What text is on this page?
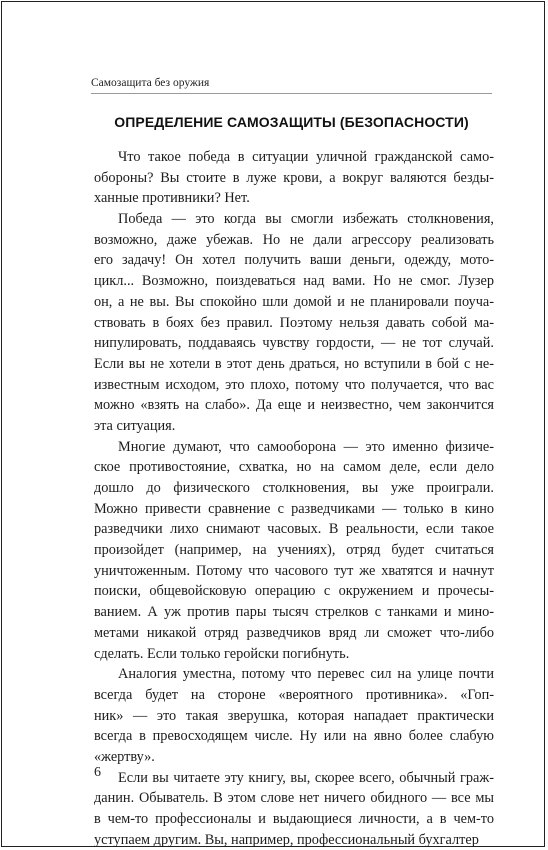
Самозащита без оружия
ОПРЕДЕЛЕНИЕ САМОЗАЩИТЫ (БЕЗОПАСНОСТИ)
Что такое победа в ситуации уличной гражданской само-
обороны? Вы стоите в луже крови, а вокруг валяются безды-
ханные противники? Нет.
Победа — это когда вы смогли избежать столкновения,
возможно, даже убежав. Но не дали агрессору реализовать
его задачу! Он хотел получить ваши деньги, одежду, мото-
цикл... Возможно, поиздеваться над вами. Но не смог. Лузер
он, а не вы. Вы спокойно шли домой и не планировали поуча-
ствовать в боях без правил. Поэтому нельзя давать собой ма-
нипулировать, поддаваясь чувству гордости, — не тот случай.
Если вы не хотели в этот день драться, но вступили в бой с не-
известным исходом, это плохо, потому что получается, что вас
можно «взять на слабо». Да еще и неизвестно, чем закончится
эта ситуация.
Многие думают, что самооборона — это именно физиче-
ское противостояние, схватка, но на самом деле, если дело
дошло до физического столкновения, вы уже проиграли.
Можно привести сравнение с разведчиками — только в кино
разведчики лихо снимают часовых. В реальности, если такое
произойдет (например, на учениях), отряд будет считаться
уничтоженным. Потому что часового тут же хватятся и начнут
поиски, общевойсковую операцию с окружением и прочесы-
ванием. А уж против пары тысяч стрелков с танками и мино-
метами никакой отряд разведчиков вряд ли сможет что-либо
сделать. Если только геройски погибнуть.
Аналогия уместна, потому что перевес сил на улице почти
всегда будет на стороне «вероятного противника». «Гоп-
ник» — это такая зверушка, которая нападает практически
всегда в превосходящем числе. Ну или на явно более слабую
«жертву».
Если вы читаете эту книгу, вы, скорее всего, обычный граж-
данин. Обыватель. В этом слове нет ничего обидного — все мы
в чем-то профессионалы и выдающиеся личности, а в чем-то
уступаем другим. Вы, например, профессиональный бухгалтер
6
